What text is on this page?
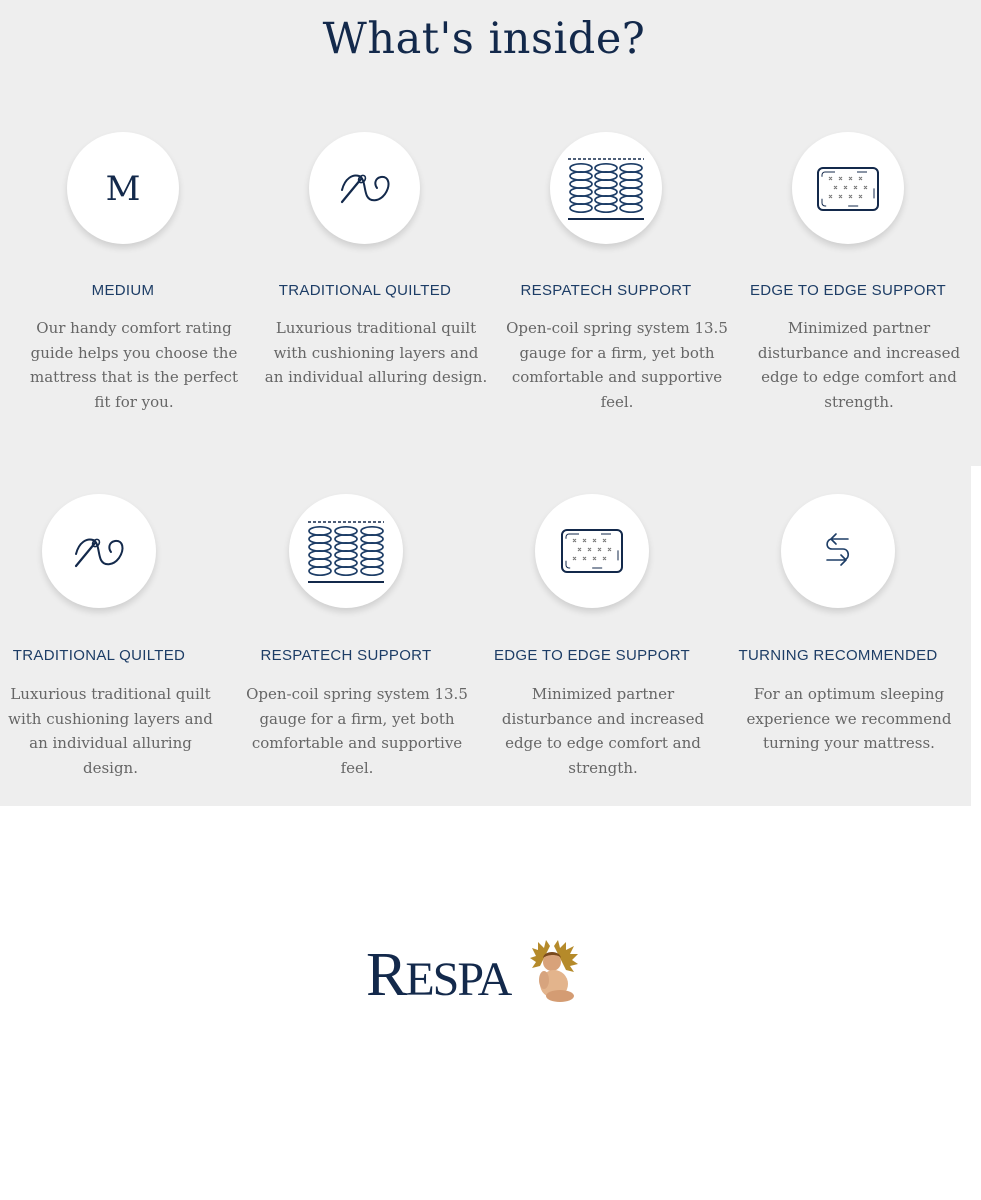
What's inside?
M

MEDIUM

Our handy comfort rating guide helps you choose the mattress that is the perfect fit for you.

TRADITIONAL QUILTED

Luxurious traditional quilt with cushioning layers and an individual alluring design.

RESPATECH SUPPORT

Open-coil spring system 13.5 gauge for a firm, yet both comfortable and supportive feel.

EDGE TO EDGE SUPPORT

Minimized partner disturbance and increased edge to edge comfort and strength.

TRADITIONAL QUILTED

Luxurious traditional quilt with cushioning layers and an individual alluring design.

RESPATECH SUPPORT

Open-coil spring system 13.5 gauge for a firm, yet both comfortable and supportive feel.

EDGE TO EDGE SUPPORT

Minimized partner disturbance and increased edge to edge comfort and strength.

TURNING RECOMMENDED

For an optimum sleeping experience we recommend turning your mattress.

RESPA
